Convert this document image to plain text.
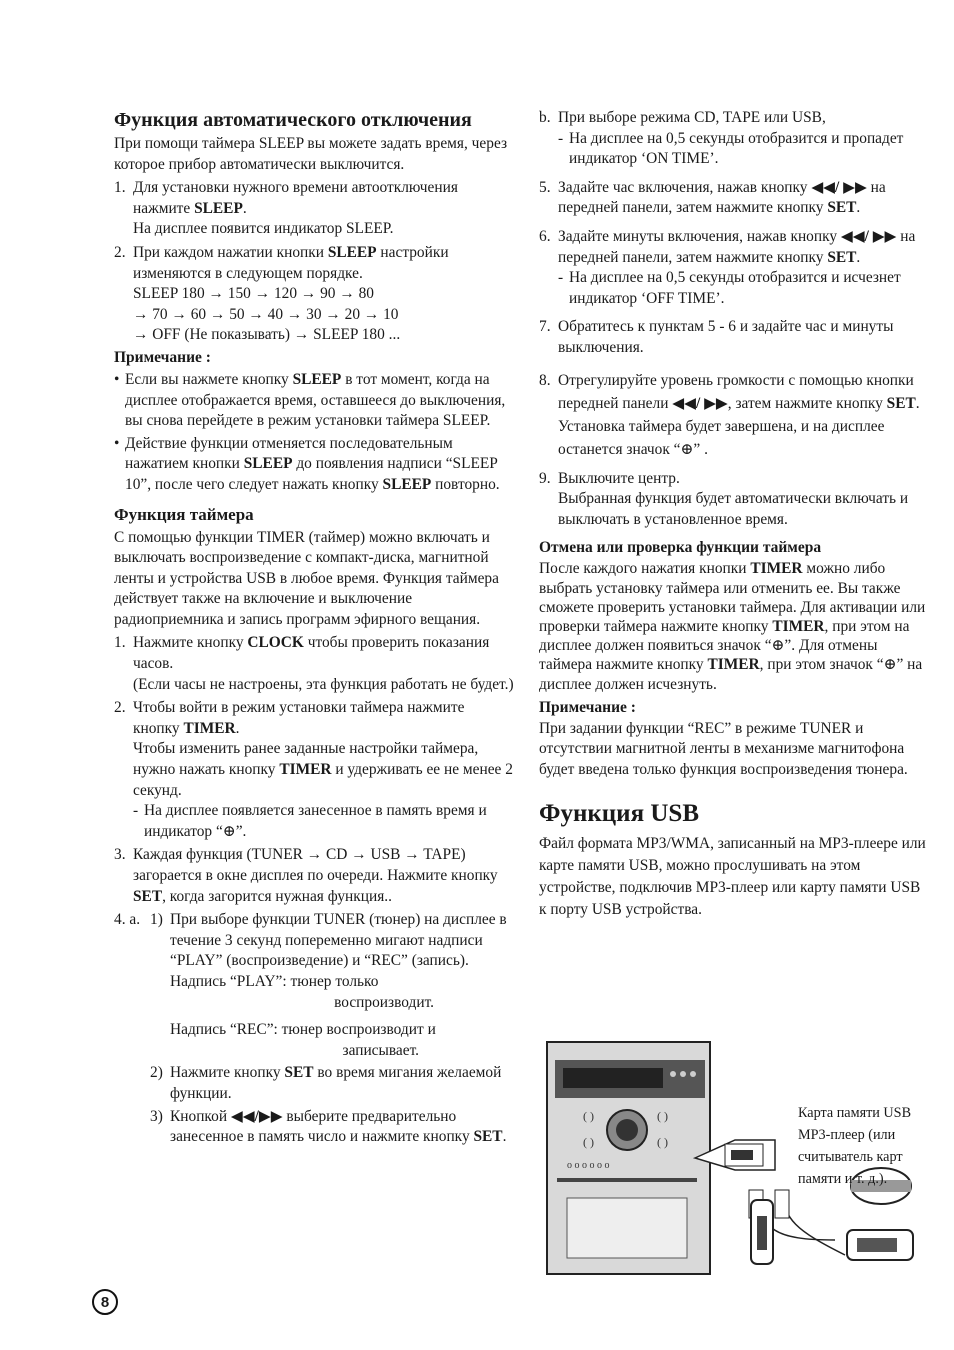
Функция автоматического отключения

При помощи таймера SLEEP вы можете задать время, через которое прибор автоматически выключится.

1. Для установки нужного времени автоотключения нажмите SLEEP.
На дисплее появится индикатор SLEEP.
2. При каждом нажатии кнопки SLEEP настройки изменяются в следующем порядке.
SLEEP 180 → 150 → 120 → 90 → 80
→ 70 → 60 → 50 → 40 → 30 → 20 → 10
→ OFF (Не показывать) → SLEEP 180 ...
Примечание :
• Если вы нажмете кнопку SLEEP в тот момент, когда на дисплее отображается время, оставшееся до выключения, вы снова перейдете в режим установки таймера SLEEP.
• Действие функции отменяется последовательным нажатием кнопки SLEEP до появления надписи “SLEEP 10”, после чего следует нажать кнопку SLEEP повторно.
Функция таймера

С помощью функции TIMER (таймер) можно включать и выключать воспроизведение с компакт-диска, магнитной ленты и устройства USB в любое время. Функция таймера действует также на включение и выключение радиоприемника и запись программ эфирного вещания.

1. Нажмите кнопку CLOCK чтобы проверить показания часов.
(Если часы не настроены, эта функция работать не будет.)
2. Чтобы войти в режим установки таймера нажмите кнопку TIMER.
Чтобы изменить ранее заданные настройки таймера, нужно нажать кнопку TIMER и удерживать ее не менее 2 секунд.
- На дисплее появляется занесенное в память время и индикатор “⊕”.
3. Каждая функция (TUNER → CD → USB → TAPE) загорается в окне дисплея по очереди. Нажмите кнопку SET, когда загорится нужная функция..
4. a. 1) При выборе функции TUNER (тюнер) на дисплее в течение 3 секунд попеременно мигают надписи “PLAY” (воспроизведение) и “REC” (запись).
Надпись “PLAY”: тюнер только
воспроизводит.
Надпись “REC”: тюнер воспроизводит и
записывает.
2) Нажмите кнопку SET во время мигания желаемой функции.
3) Кнопкой ◀◀/▶▶ выберите предварительно занесенное в память число и нажмите кнопку SET.
b. При выборе режима CD, TAPE или USB,
- На дисплее на 0,5 секунды отобразится и пропадет индикатор ‘ON TIME’.
5. Задайте час включения, нажав кнопку ◀◀/ ▶▶ на передней панели, затем нажмите кнопку SET.
6. Задайте минуты включения, нажав кнопку ◀◀/ ▶▶ на передней панели, затем нажмите кнопку SET.
- На дисплее на 0,5 секунды отобразится и исчезнет индикатор ‘OFF TIME’.
7. Обратитесь к пунктам 5 - 6 и задайте час и минуты выключения.
8. Отрегулируйте уровень громкости с помощью кнопки передней панели ◀◀/ ▶▶, затем нажмите кнопку SET.
Установка таймера будет завершена, и на дисплее останется значок “⊕” .
9. Выключите центр.
Выбранная функция будет автоматически включать и выключать в установленное время.
Отмена или проверка функции таймера

После каждого нажатия кнопки TIMER можно либо выбрать установку таймера или отменить ее. Вы также сможете проверить установки таймера. Для активации или проверки таймера нажмите кнопку TIMER, при этом на дисплее должен появиться значок “⊕”. Для отмены таймера нажмите кнопку TIMER, при этом значок “⊕” на дисплее должен исчезнуть.

Примечание :

При задании функции “REC” в режиме TUNER и отсутствии магнитной ленты в механизме магнитофона будет введена только функция воспроизведения тюнера.

Функция USB

Файл формата MP3/WMA, записанный на MP3-плеере или карте памяти USB, можно прослушивать на этом устройстве, подключив MP3-плеер или карту памяти USB к порту USB устройства.

( )	( )
( )	( )
o o o o o o
Карта памяти USB MP3-плеер (или считыватель карт памяти и т. д.).
8
